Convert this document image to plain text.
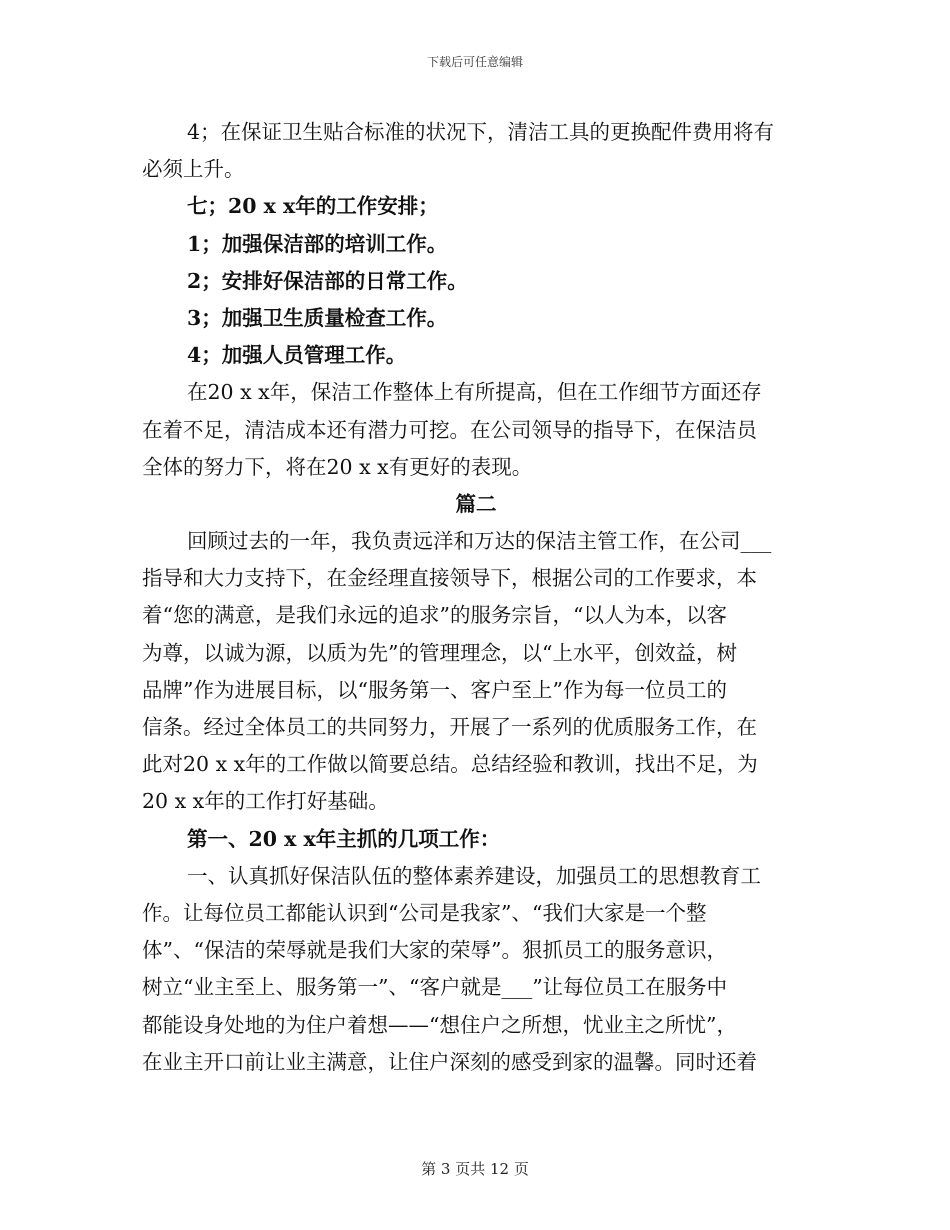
下载后可任意编辑
4；在保证卫生贴合标准的状况下，清洁工具的更换配件费用将有
必须上升。
七；20 x x年的工作安排；
1；加强保洁部的培训工作。
2；安排好保洁部的日常工作。
3；加强卫生质量检查工作。
4；加强人员管理工作。
在20 x x年，保洁工作整体上有所提高，但在工作细节方面还存
在着不足，清洁成本还有潜力可挖。在公司领导的指导下，在保洁员
全体的努力下，将在20 x x有更好的表现。
篇二
回顾过去的一年，我负责远洋和万达的保洁主管工作，在公司___
指导和大力支持下，在金经理直接领导下，根据公司的工作要求，本
着“您的满意，是我们永远的追求”的服务宗旨，“以人为本，以客
为尊，以诚为源，以质为先”的管理理念，以“上水平，创效益，树
品牌”作为进展目标，以“服务第一、客户至上”作为每一位员工的
信条。经过全体员工的共同努力，开展了一系列的优质服务工作，在
此对20 x x年的工作做以简要总结。总结经验和教训，找出不足，为
20 x x年的工作打好基础。
第一、20 x x年主抓的几项工作：
一、认真抓好保洁队伍的整体素养建设，加强员工的思想教育工
作。让每位员工都能认识到“公司是我家”、“我们大家是一个整
体”、“保洁的荣辱就是我们大家的荣辱”。狠抓员工的服务意识，
树立“业主至上、服务第一”、“客户就是___”让每位员工在服务中
都能设身处地的为住户着想——“想住户之所想，忧业主之所忧”，
在业主开口前让业主满意，让住户深刻的感受到家的温馨。同时还着
第 3 页共 12 页
